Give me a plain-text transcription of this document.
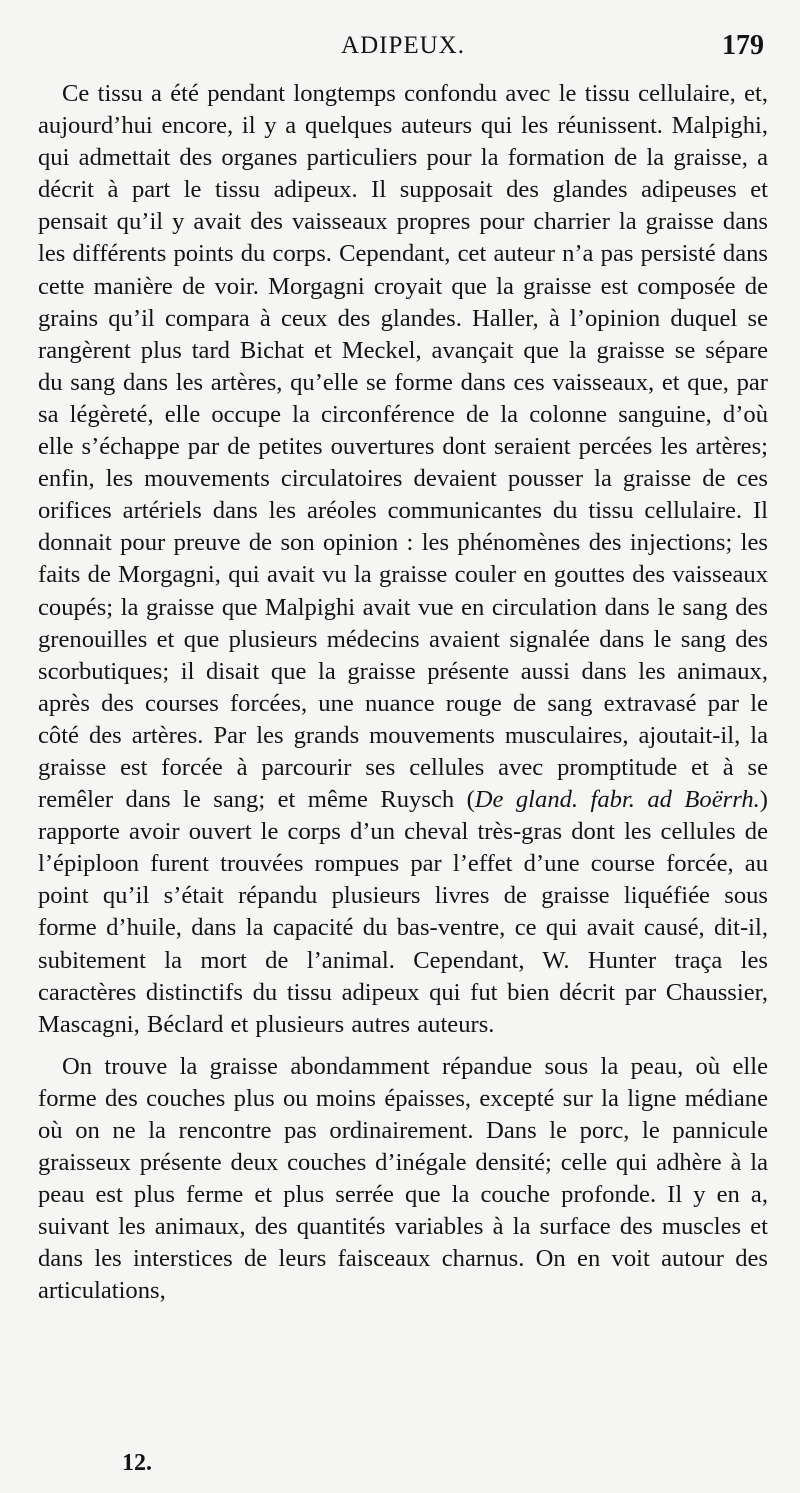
ADIPEUX.	179

Ce tissu a été pendant longtemps confondu avec le tissu cellulaire, et, aujourd’hui encore, il y a quelques auteurs qui les réunissent. Malpighi, qui admettait des organes particuliers pour la formation de la graisse, a décrit à part le tissu adipeux. Il supposait des glandes adipeuses et pensait qu’il y avait des vaisseaux propres pour charrier la graisse dans les différents points du corps. Cependant, cet auteur n’a pas persisté dans cette manière de voir. Morgagni croyait que la graisse est composée de grains qu’il compara à ceux des glandes. Haller, à l’opinion duquel se rangèrent plus tard Bichat et Meckel, avançait que la graisse se sépare du sang dans les artères, qu’elle se forme dans ces vaisseaux, et que, par sa légèreté, elle occupe la circonférence de la colonne sanguine, d’où elle s’échappe par de petites ouvertures dont seraient percées les artères; enfin, les mouvements circulatoires devaient pousser la graisse de ces orifices artériels dans les aréoles communicantes du tissu cellulaire. Il donnait pour preuve de son opinion : les phénomènes des injections; les faits de Morgagni, qui avait vu la graisse couler en gouttes des vaisseaux coupés; la graisse que Malpighi avait vue en circulation dans le sang des grenouilles et que plusieurs médecins avaient signalée dans le sang des scorbutiques; il disait que la graisse présente aussi dans les animaux, après des courses forcées, une nuance rouge de sang extravasé par le côté des artères. Par les grands mouvements musculaires, ajoutait-il, la graisse est forcée à parcourir ses cellules avec promptitude et à se remêler dans le sang; et même Ruysch (De gland. fabr. ad Boërrh.) rapporte avoir ouvert le corps d’un cheval très-gras dont les cellules de l’épiploon furent trouvées rompues par l’effet d’une course forcée, au point qu’il s’était répandu plusieurs livres de graisse liquéfiée sous forme d’huile, dans la capacité du bas-ventre, ce qui avait causé, dit-il, subitement la mort de l’animal. Cependant, W. Hunter traça les caractères distinctifs du tissu adipeux qui fut bien décrit par Chaussier, Mascagni, Béclard et plusieurs autres auteurs.

On trouve la graisse abondamment répandue sous la peau, où elle forme des couches plus ou moins épaisses, excepté sur la ligne médiane où on ne la rencontre pas ordinairement. Dans le porc, le pannicule graisseux présente deux couches d’inégale densité; celle qui adhère à la peau est plus ferme et plus serrée que la couche profonde. Il y en a, suivant les animaux, des quantités variables à la surface des muscles et dans les interstices de leurs faisceaux charnus. On en voit autour des articulations,

12.
